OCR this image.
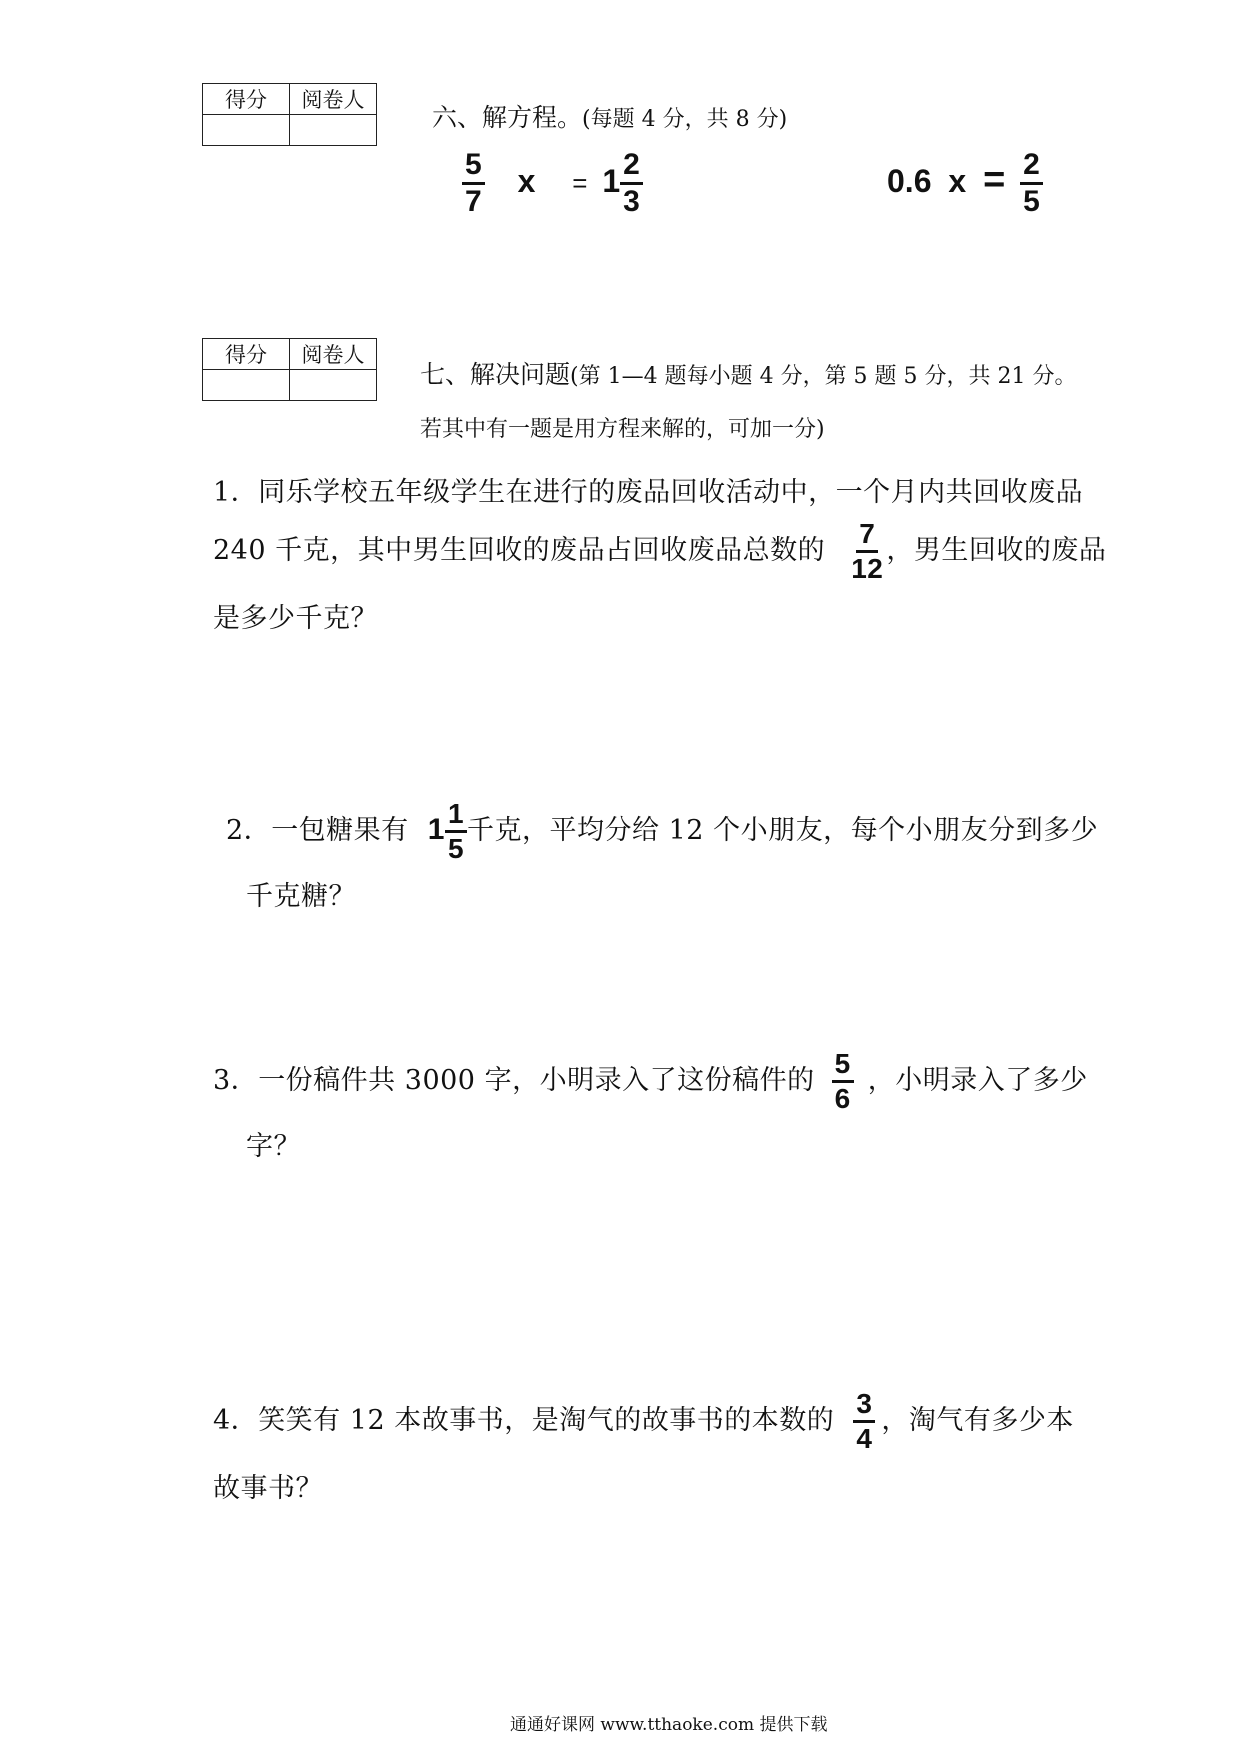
得分	阅卷人

六、解方程。(每题 4 分，共 8 分)
$\frac{5}{7}$ $x = 1 \frac{2}{3}$	0.6 $x = \frac{2}{5}$
得分	阅卷人

七、解决问题(第 1—4 题每小题 4 分，第 5 题 5 分，共 21 分。
若其中有一题是用方程来解的，可加一分)
1．同乐学校五年级学生在进行的废品回收活动中，一个月内共回收废品
240 千克，其中男生回收的废品占回收废品总数的 $\frac{7}{12}$ ，男生回收的废品
是多少千克？
2．一包糖果有 $1 \frac{1}{5}$ 千克，平均分给 12 个小朋友，每个小朋友分到多少
千克糖？
3．一份稿件共 3000 字，小明录入了这份稿件的 $\frac{5}{6}$ ，小明录入了多少
字？
4．笑笑有 12 本故事书，是淘气的故事书的本数的 $\frac{3}{4}$ ，淘气有多少本
故事书？
通通好课网 www.tthaoke.com 提供下载
